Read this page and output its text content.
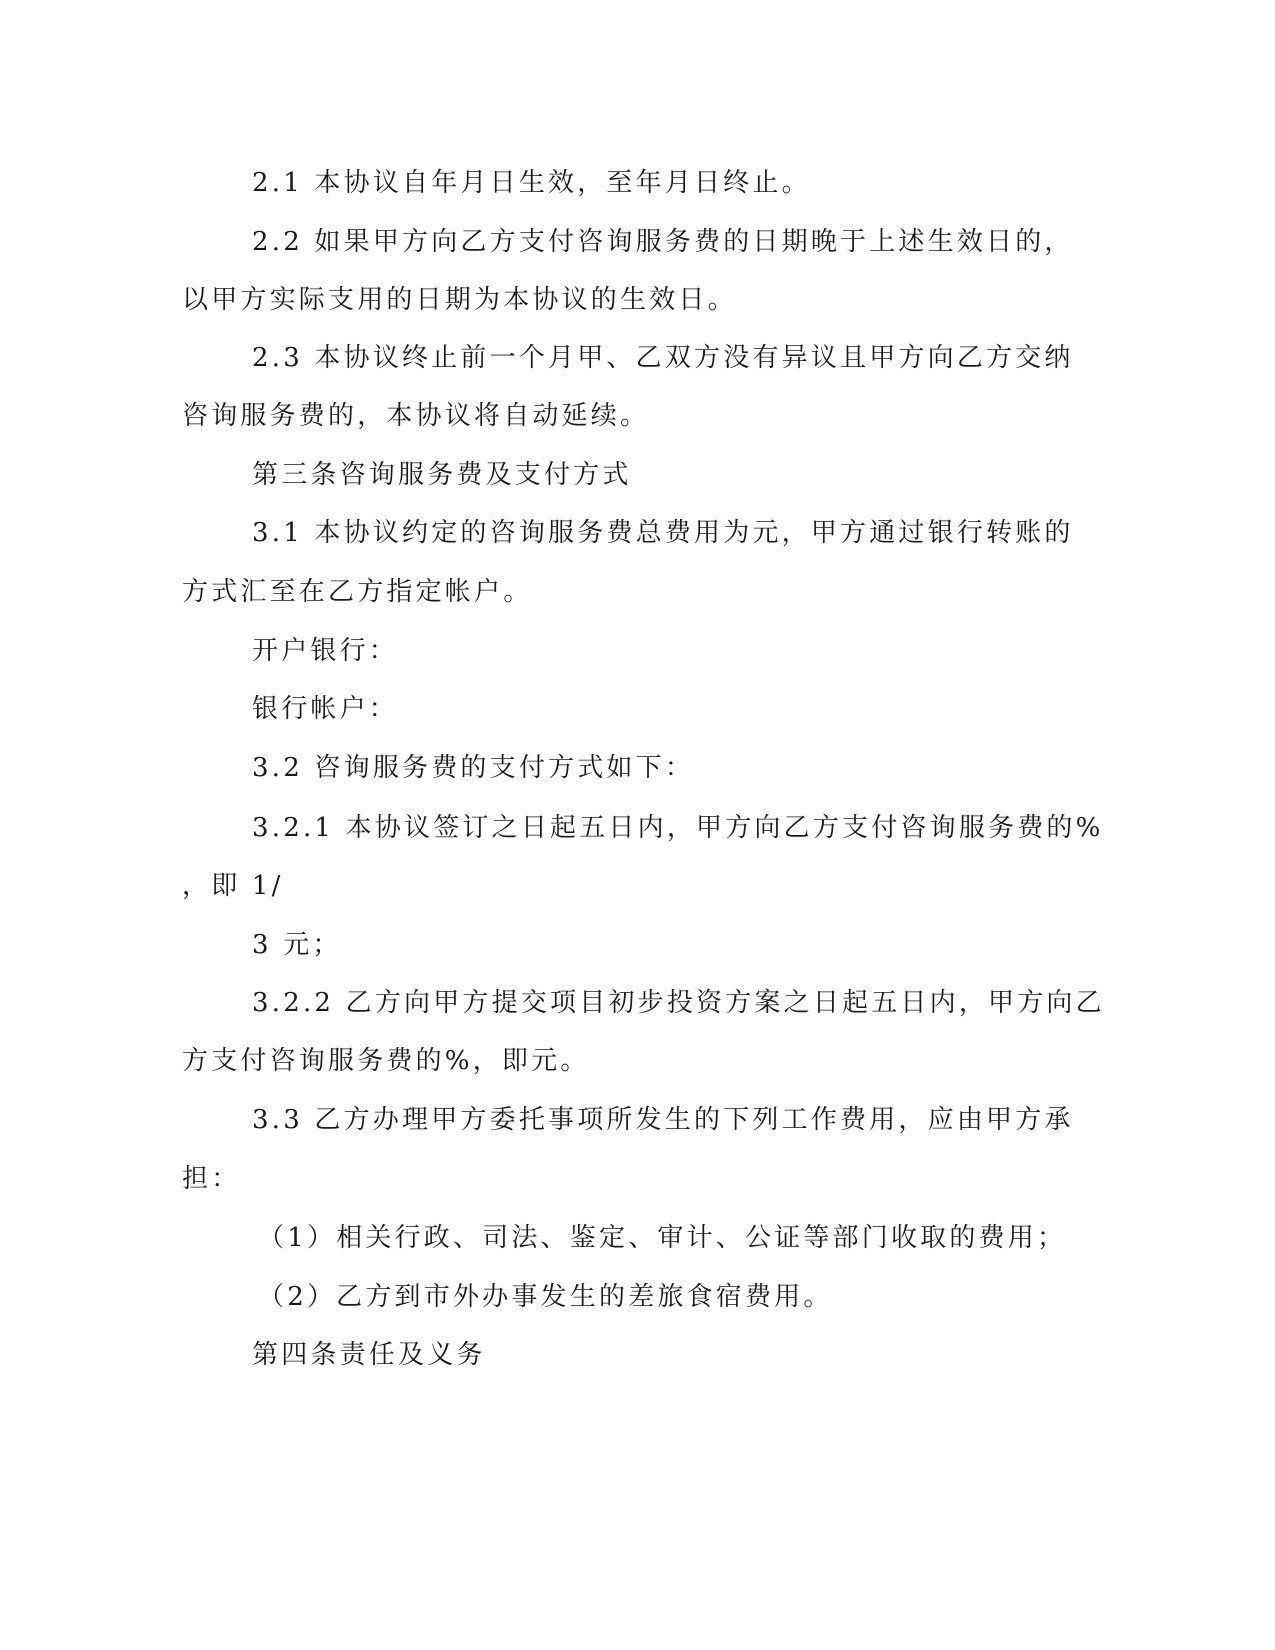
2.1 本协议自年月日生效，至年月日终止。
2.2 如果甲方向乙方支付咨询服务费的日期晚于上述生效日的，
以甲方实际支用的日期为本协议的生效日。
2.3 本协议终止前一个月甲、乙双方没有异议且甲方向乙方交纳
咨询服务费的，本协议将自动延续。
第三条咨询服务费及支付方式
3.1 本协议约定的咨询服务费总费用为元，甲方通过银行转账的
方式汇至在乙方指定帐户。
开户银行：
银行帐户：
3.2 咨询服务费的支付方式如下：
3.2.1 本协议签订之日起五日内，甲方向乙方支付咨询服务费的%
，即 1/
3 元；
3.2.2 乙方向甲方提交项目初步投资方案之日起五日内，甲方向乙
方支付咨询服务费的%，即元。
3.3 乙方办理甲方委托事项所发生的下列工作费用，应由甲方承
担：
（1）相关行政、司法、鉴定、审计、公证等部门收取的费用；
（2）乙方到市外办事发生的差旅食宿费用。
第四条责任及义务
